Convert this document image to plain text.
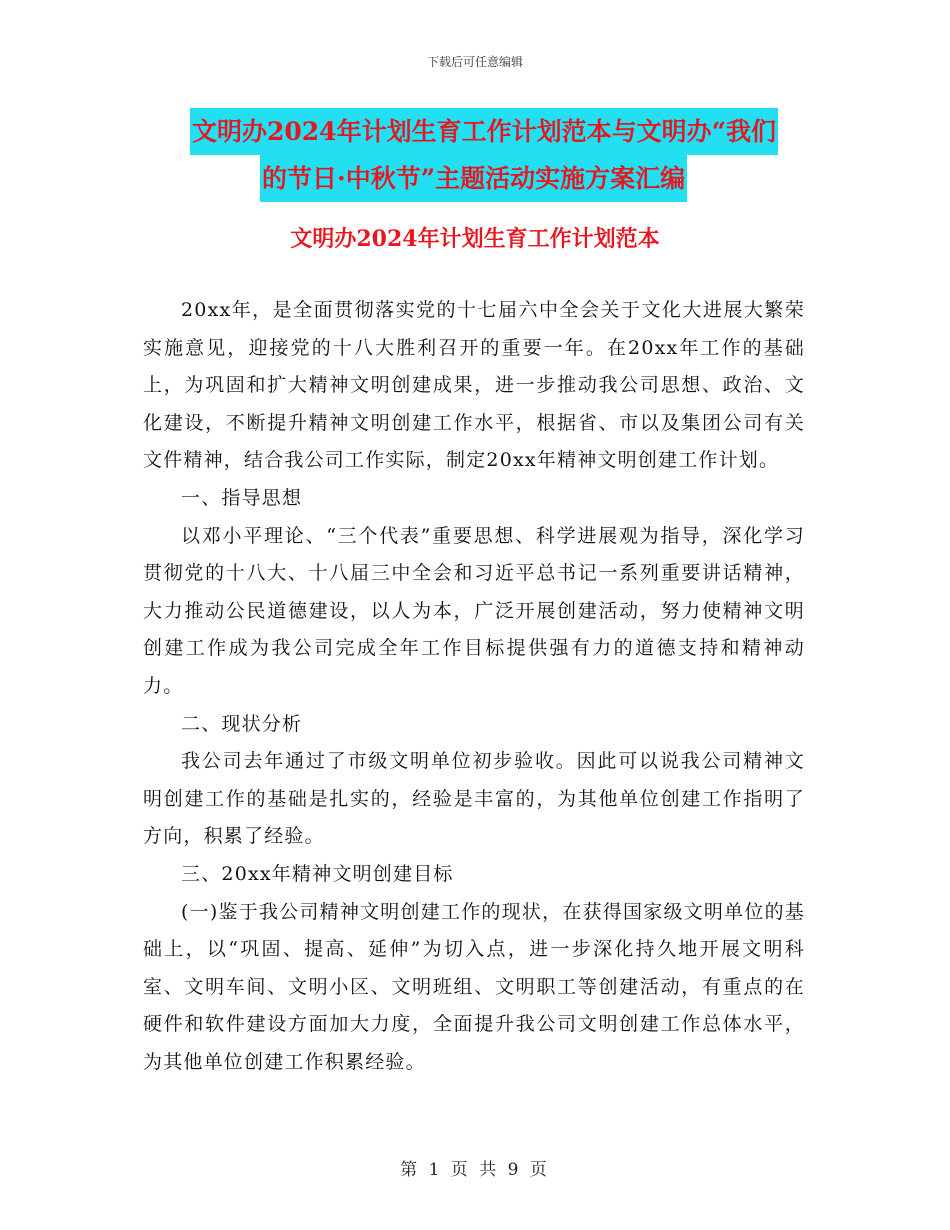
下载后可任意编辑
文明办2024年计划生育工作计划范本与文明办“我们
的节日·中秋节”主题活动实施方案汇编
文明办2024年计划生育工作计划范本

20xx年，是全面贯彻落实党的十七届六中全会关于文化大进展大繁荣实施意见，迎接党的十八大胜利召开的重要一年。在20xx年工作的基础上，为巩固和扩大精神文明创建成果，进一步推动我公司思想、政治、文化建设，不断提升精神文明创建工作水平，根据省、市以及集团公司有关文件精神，结合我公司工作实际，制定20xx年精神文明创建工作计划。

一、指导思想

以邓小平理论、“三个代表”重要思想、科学进展观为指导，深化学习贯彻党的十八大、十八届三中全会和习近平总书记一系列重要讲话精神，大力推动公民道德建设，以人为本，广泛开展创建活动，努力使精神文明创建工作成为我公司完成全年工作目标提供强有力的道德支持和精神动力。

二、现状分析

我公司去年通过了市级文明单位初步验收。因此可以说我公司精神文明创建工作的基础是扎实的，经验是丰富的，为其他单位创建工作指明了方向，积累了经验。

三、20xx年精神文明创建目标

(一)鉴于我公司精神文明创建工作的现状，在获得国家级文明单位的基础上，以“巩固、提高、延伸”为切入点，进一步深化持久地开展文明科室、文明车间、文明小区、文明班组、文明职工等创建活动，有重点的在硬件和软件建设方面加大力度，全面提升我公司文明创建工作总体水平，为其他单位创建工作积累经验。

第 1 页 共 9 页
